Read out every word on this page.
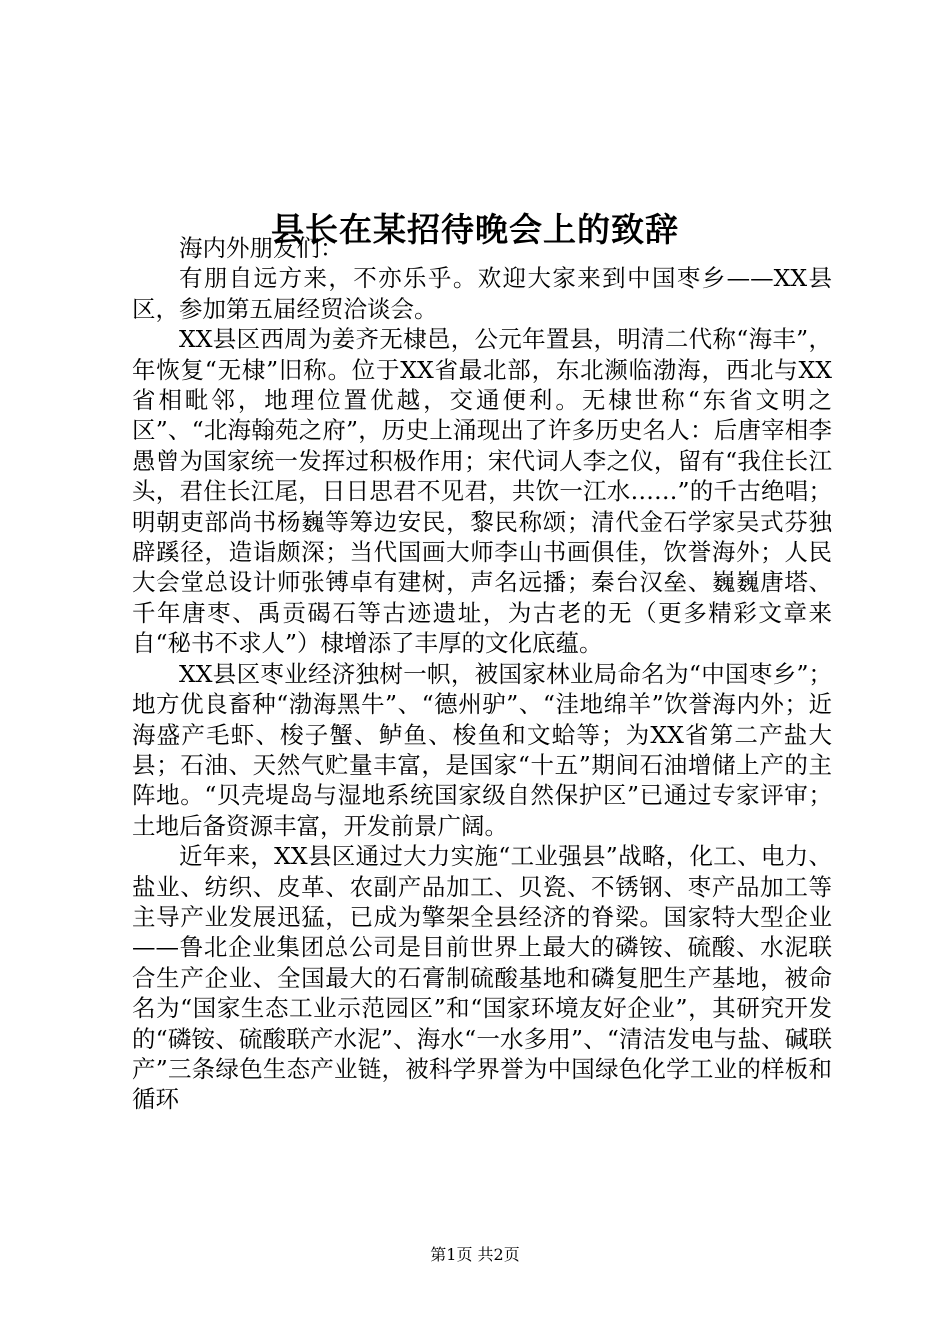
县长在某招待晚会上的致辞

海内外朋友们：

有朋自远方来，不亦乐乎。欢迎大家来到中国枣乡——XX县区，参加第五届经贸洽谈会。

XX县区西周为姜齐无棣邑，公元年置县，明清二代称“海丰”，年恢复“无棣”旧称。位于XX省最北部，东北濒临渤海，西北与XX省相毗邻，地理位置优越，交通便利。无棣世称“东省文明之区”、“北海翰苑之府”，历史上涌现出了许多历史名人：后唐宰相李愚曾为国家统一发挥过积极作用；宋代词人李之仪，留有“我住长江头，君住长江尾，日日思君不见君，共饮一江水……”的千古绝唱；明朝吏部尚书杨巍等筹边安民，黎民称颂；清代金石学家吴式芬独辟蹊径，造诣颇深；当代国画大师李山书画俱佳，饮誉海外；人民大会堂总设计师张镈卓有建树，声名远播；秦台汉垒、巍巍唐塔、千年唐枣、禹贡碣石等古迹遗址，为古老的无（更多精彩文章来自“秘书不求人”）棣增添了丰厚的文化底蕴。

XX县区枣业经济独树一帜，被国家林业局命名为“中国枣乡”；地方优良畜种“渤海黑牛”、“德州驴”、“洼地绵羊”饮誉海内外；近海盛产毛虾、梭子蟹、鲈鱼、梭鱼和文蛤等；为XX省第二产盐大县；石油、天然气贮量丰富，是国家“十五”期间石油增储上产的主阵地。“贝壳堤岛与湿地系统国家级自然保护区”已通过专家评审；土地后备资源丰富，开发前景广阔。

近年来，XX县区通过大力实施“工业强县”战略，化工、电力、盐业、纺织、皮革、农副产品加工、贝瓷、不锈钢、枣产品加工等主导产业发展迅猛，已成为擎架全县经济的脊梁。国家特大型企业——鲁北企业集团总公司是目前世界上最大的磷铵、硫酸、水泥联合生产企业、全国最大的石膏制硫酸基地和磷复肥生产基地，被命名为“国家生态工业示范园区”和“国家环境友好企业”，其研究开发的“磷铵、硫酸联产水泥”、海水“一水多用”、“清洁发电与盐、碱联产”三条绿色生态产业链，被科学界誉为中国绿色化学工业的样板和循环

第1页 共2页
